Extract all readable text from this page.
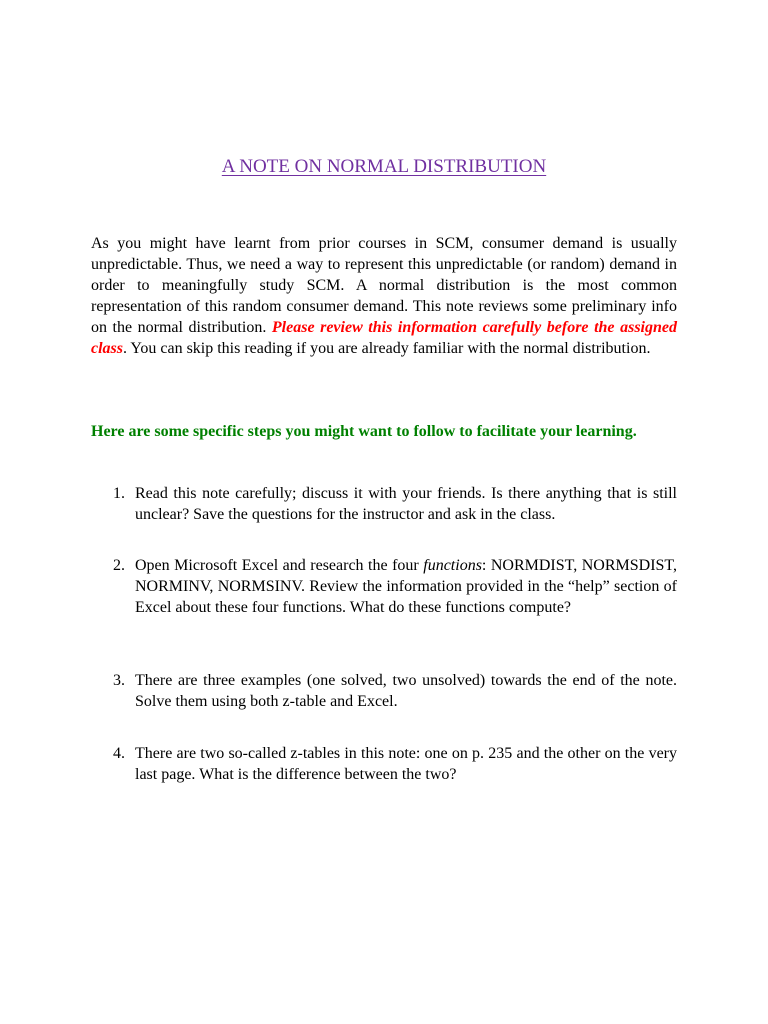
A NOTE ON NORMAL DISTRIBUTION

As you might have learnt from prior courses in SCM, consumer demand is usually unpredictable. Thus, we need a way to represent this unpredictable (or random) demand in order to meaningfully study SCM. A normal distribution is the most common representation of this random consumer demand. This note reviews some preliminary info on the normal distribution. Please review this information carefully before the assigned class. You can skip this reading if you are already familiar with the normal distribution.

Here are some specific steps you might want to follow to facilitate your learning.

1. Read this note carefully; discuss it with your friends. Is there anything that is still unclear? Save the questions for the instructor and ask in the class.
2. Open Microsoft Excel and research the four functions: NORMDIST, NORMSDIST, NORMINV, NORMSINV. Review the information provided in the “help” section of Excel about these four functions. What do these functions compute?
3. There are three examples (one solved, two unsolved) towards the end of the note. Solve them using both z-table and Excel.
4. There are two so-called z-tables in this note: one on p. 235 and the other on the very last page. What is the difference between the two?
